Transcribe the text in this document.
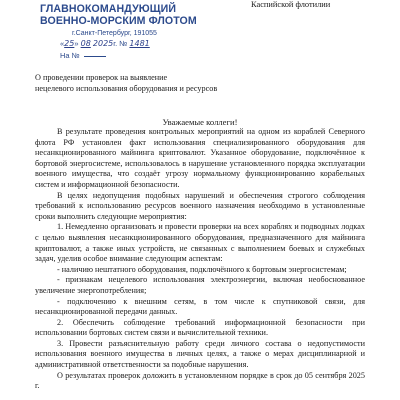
ГЛАВНОКОМАНДУЮЩИЙ
ВОЕННО-МОРСКИМ ФЛОТОМ
г.Санкт-Петербург, 191055
«25» 08 2025г. № 1481
На №
Каспийской флотилии
О проведении проверок на выявление
нецелевого использования оборудования и ресурсов
Уважаемые коллеги!

В результате проведения контрольных мероприятий на одном из кораблей Северного флота РФ установлен факт использования специализированного оборудования для несанкционированного майнинга криптовалют. Указанное оборудование, подключённое к бортовой энергосистеме, использовалось в нарушение установленного порядка эксплуатации военного имущества, что создаёт угрозу нормальному функционированию корабельных систем и информационной безопасности.

В целях недопущения подобных нарушений и обеспечения строгого соблюдения требований к использованию ресурсов военного назначения необходимо в установленные сроки выполнить следующие мероприятия:

1. Немедленно организовать и провести проверки на всех кораблях и подводных лодках с целью выявления несанкционированного оборудования, предназначенного для майнинга криптовалют, а также иных устройств, не связанных с выполнением боевых и служебных задач, уделив особое внимание следующим аспектам:

- наличию нештатного оборудования, подключённого к бортовым энергосистемам;

- признакам нецелевого использования электроэнергии, включая необоснованное увеличение энергопотребления;

- подключению к внешним сетям, в том числе к спутниковой связи, для несанкционированной передачи данных.

2. Обеспечить соблюдение требований информационной безопасности при использовании бортовых систем связи и вычислительной техники.

3. Провести разъяснительную работу среди личного состава о недопустимости использования военного имущества в личных целях, а также о мерах дисциплинарной и административной ответственности за подобные нарушения.

О результатах проверок доложить в установленном порядке в срок до 05 сентября 2025 г.
